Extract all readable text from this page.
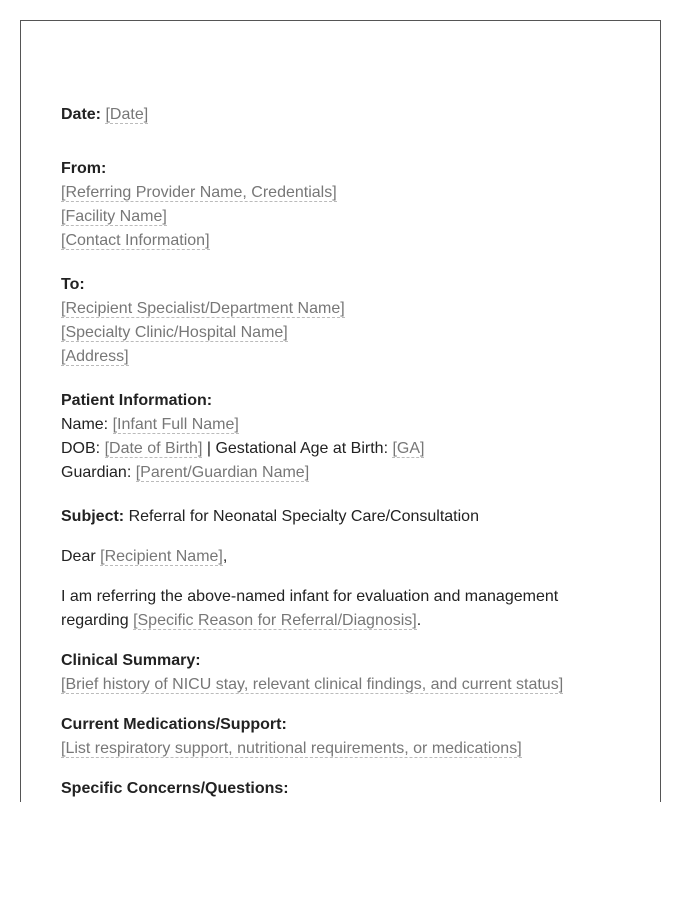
Date: [Date]

From:
[Referring Provider Name, Credentials]
[Facility Name]
[Contact Information]
To:
[Recipient Specialist/Department Name]
[Specialty Clinic/Hospital Name]
[Address]
Patient Information:
Name: [Infant Full Name]
DOB: [Date of Birth] | Gestational Age at Birth: [GA]
Guardian: [Parent/Guardian Name]

Subject: Referral for Neonatal Specialty Care/Consultation

Dear [Recipient Name],

I am referring the above-named infant for evaluation and management regarding [Specific Reason for Referral/Diagnosis].

Clinical Summary:
[Brief history of NICU stay, relevant clinical findings, and current status]
Current Medications/Support:
[List respiratory support, nutritional requirements, or medications]
Specific Concerns/Questions:
